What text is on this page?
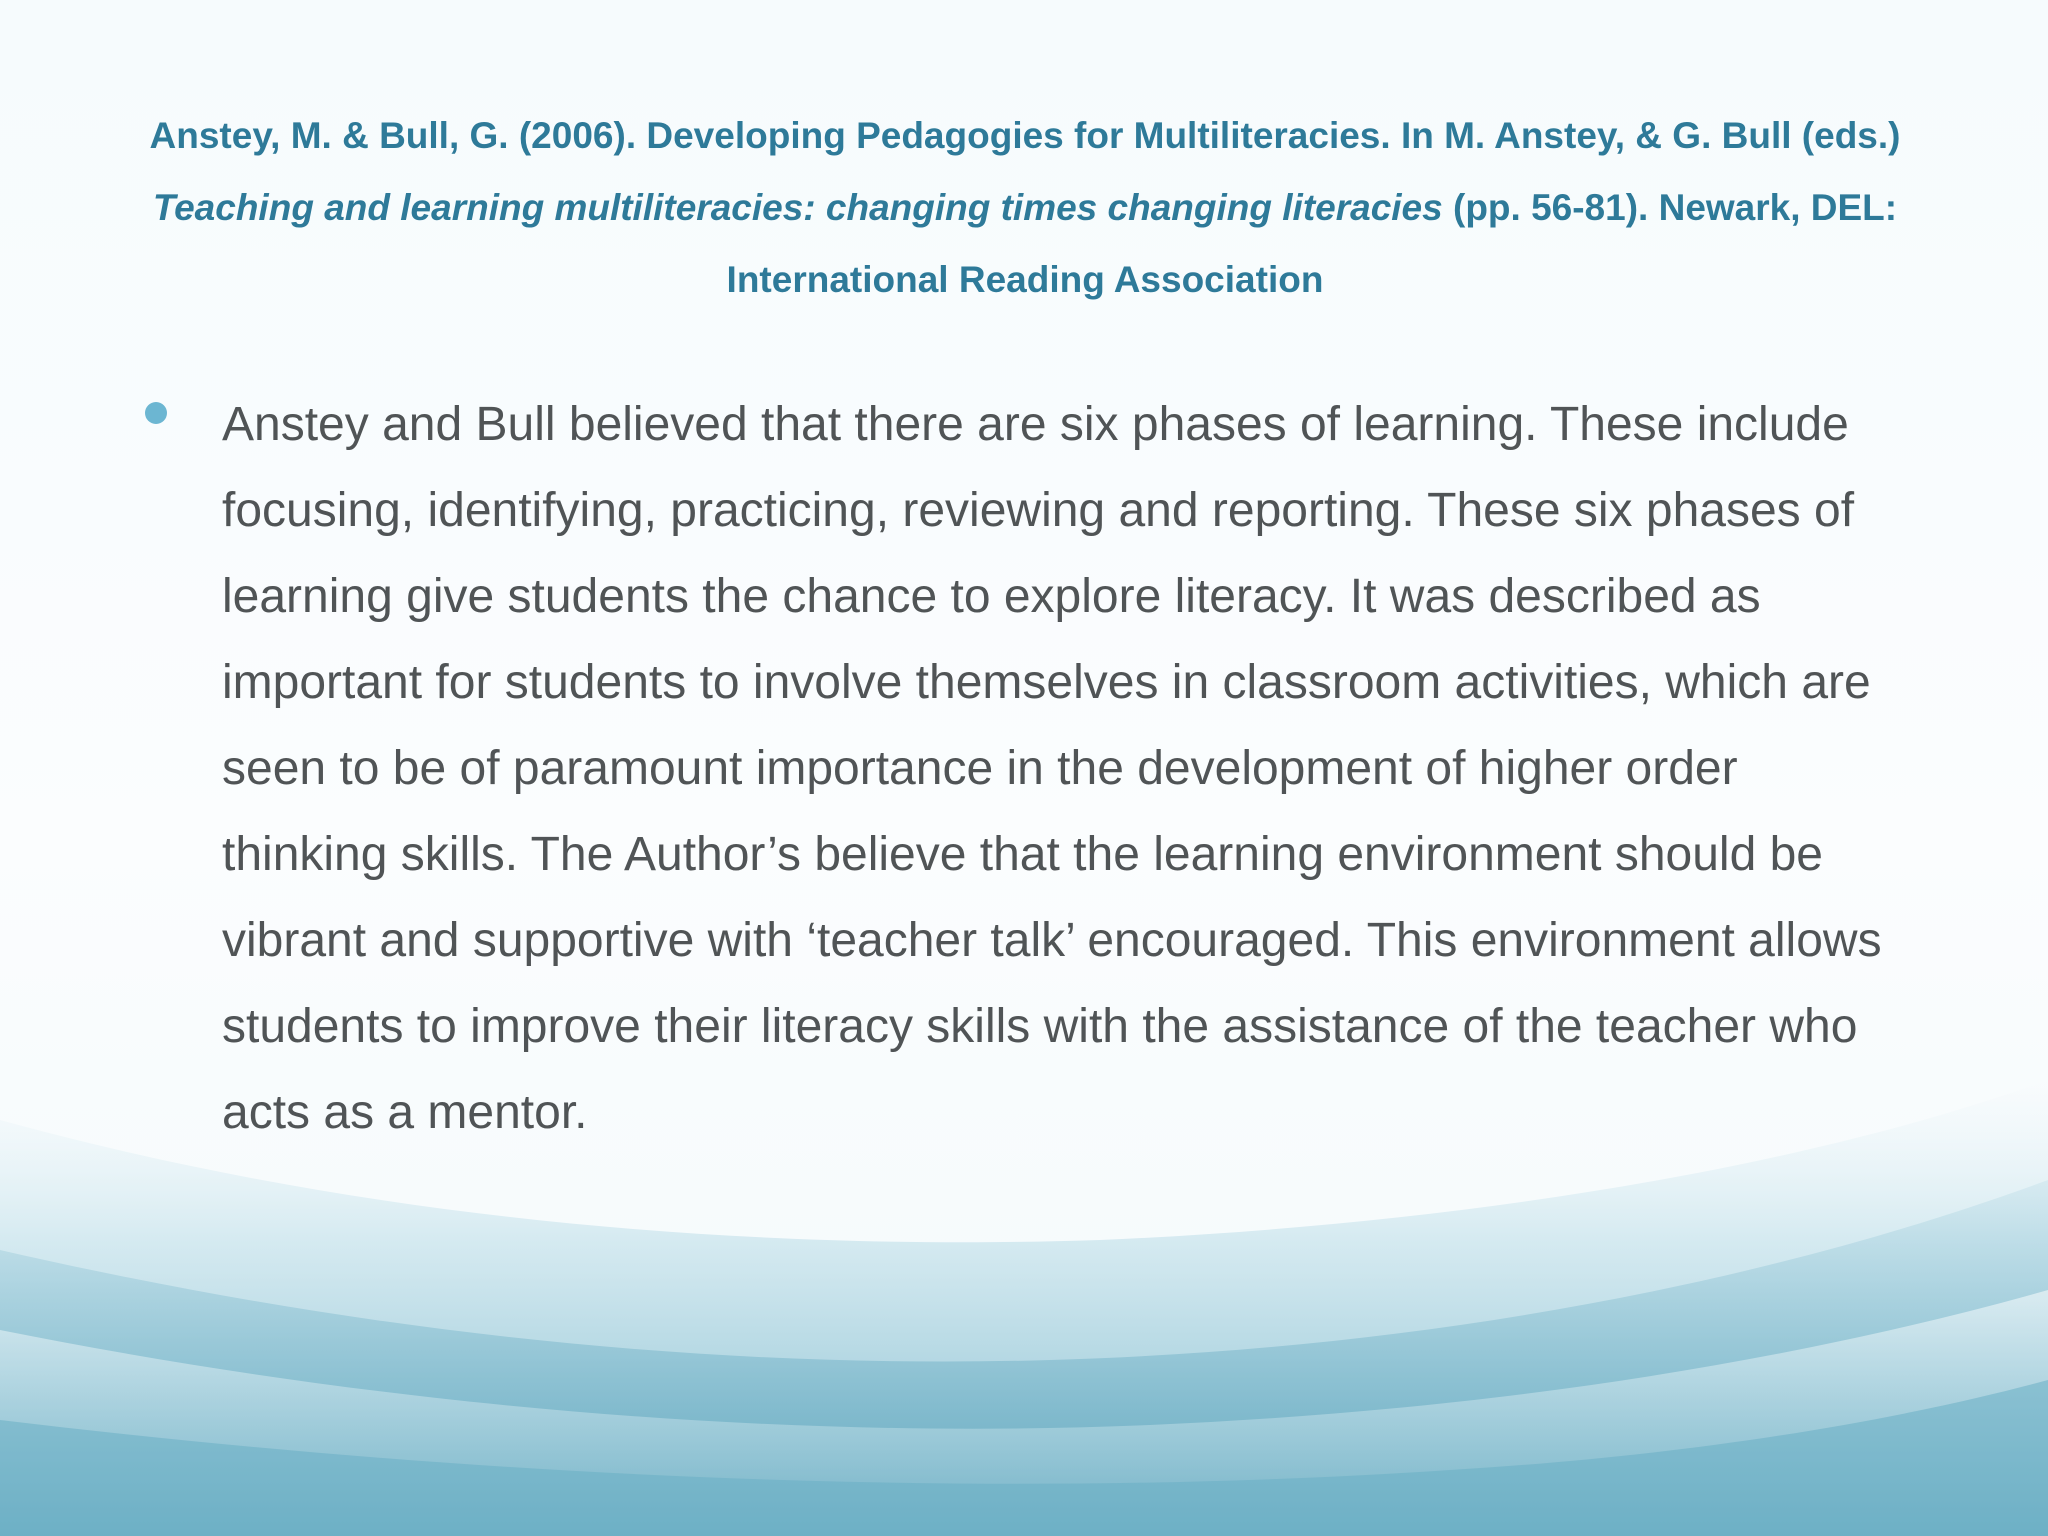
Anstey, M. & Bull, G. (2006). Developing Pedagogies for Multiliteracies. In M. Anstey, & G. Bull (eds.) Teaching and learning multiliteracies: changing times changing literacies (pp. 56-81). Newark, DEL: International Reading Association
Anstey and Bull believed that there are six phases of learning. These include focusing, identifying, practicing, reviewing and reporting. These six phases of learning give students the chance to explore literacy. It was described as important for students to involve themselves in classroom activities, which are seen to be of paramount importance in the development of higher order thinking skills. The Author’s believe that the learning environment should be vibrant and supportive with ‘teacher talk’ encouraged. This environment allows students to improve their literacy skills with the assistance of the teacher who acts as a mentor.
